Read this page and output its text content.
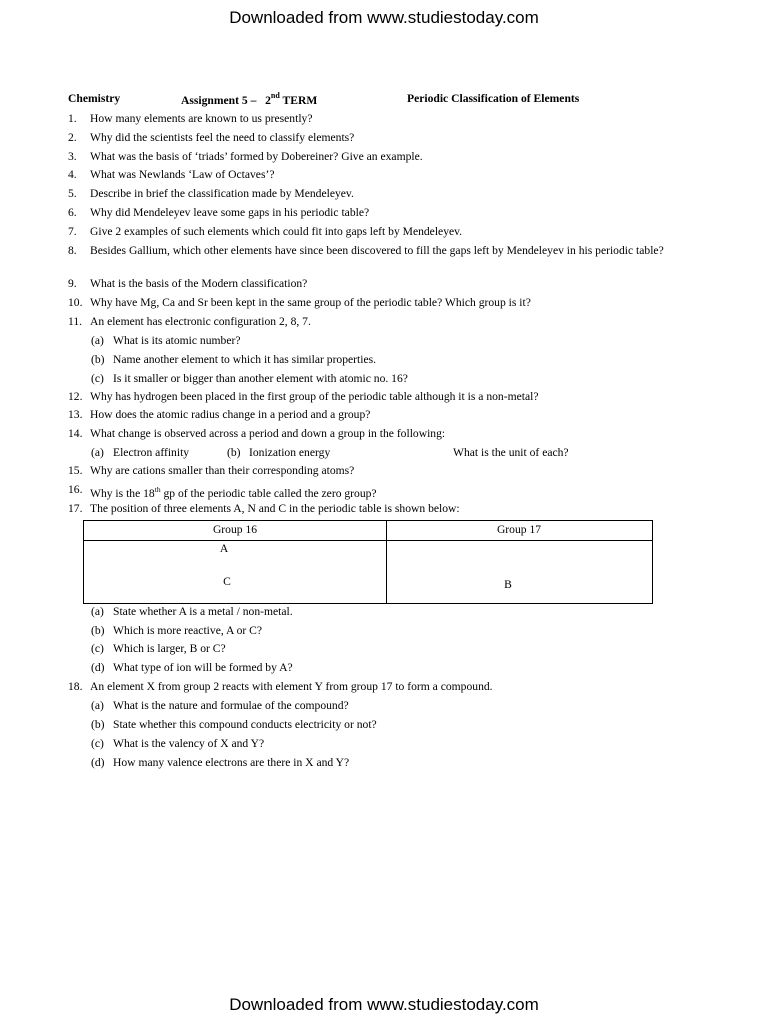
Downloaded from www.studiestoday.com
Chemistry	Assignment 5 – 2nd TERM	Periodic Classification of Elements
1. How many elements are known to us presently?
2. Why did the scientists feel the need to classify elements?
3. What was the basis of ‘triads’ formed by Dobereiner? Give an example.
4. What was Newlands ‘Law of Octaves’?
5. Describe in brief the classification made by Mendeleyev.
6. Why did Mendeleyev leave some gaps in his periodic table?
7. Give 2 examples of such elements which could fit into gaps left by Mendeleyev.
8. Besides Gallium, which other elements have since been discovered to fill the gaps left by Mendeleyev in his periodic table?
9. What is the basis of the Modern classification?
10. Why have Mg, Ca and Sr been kept in the same group of the periodic table? Which group is it?
11. An element has electronic configuration 2, 8, 7.
(a) What is its atomic number?
(b) Name another element to which it has similar properties.
(c) Is it smaller or bigger than another element with atomic no. 16?
12. Why has hydrogen been placed in the first group of the periodic table although it is a non-metal?
13. How does the atomic radius change in a period and a group?
14. What change is observed across a period and down a group in the following:
(a) Electron affinity	(b) Ionization energy	What is the unit of each?
15. Why are cations smaller than their corresponding atoms?
16. Why is the 18th gp of the periodic table called the zero group?
17. The position of three elements A, N and C in the periodic table is shown below:
Group 16	Group 17
A
C	B
(a) State whether A is a metal / non-metal.
(b) Which is more reactive, A or C?
(c) Which is larger, B or C?
(d) What type of ion will be formed by A?
18. An element X from group 2 reacts with element Y from group 17 to form a compound.
(a) What is the nature and formulae of the compound?
(b) State whether this compound conducts electricity or not?
(c) What is the valency of X and Y?
(d) How many valence electrons are there in X and Y?
Downloaded from www.studiestoday.com
